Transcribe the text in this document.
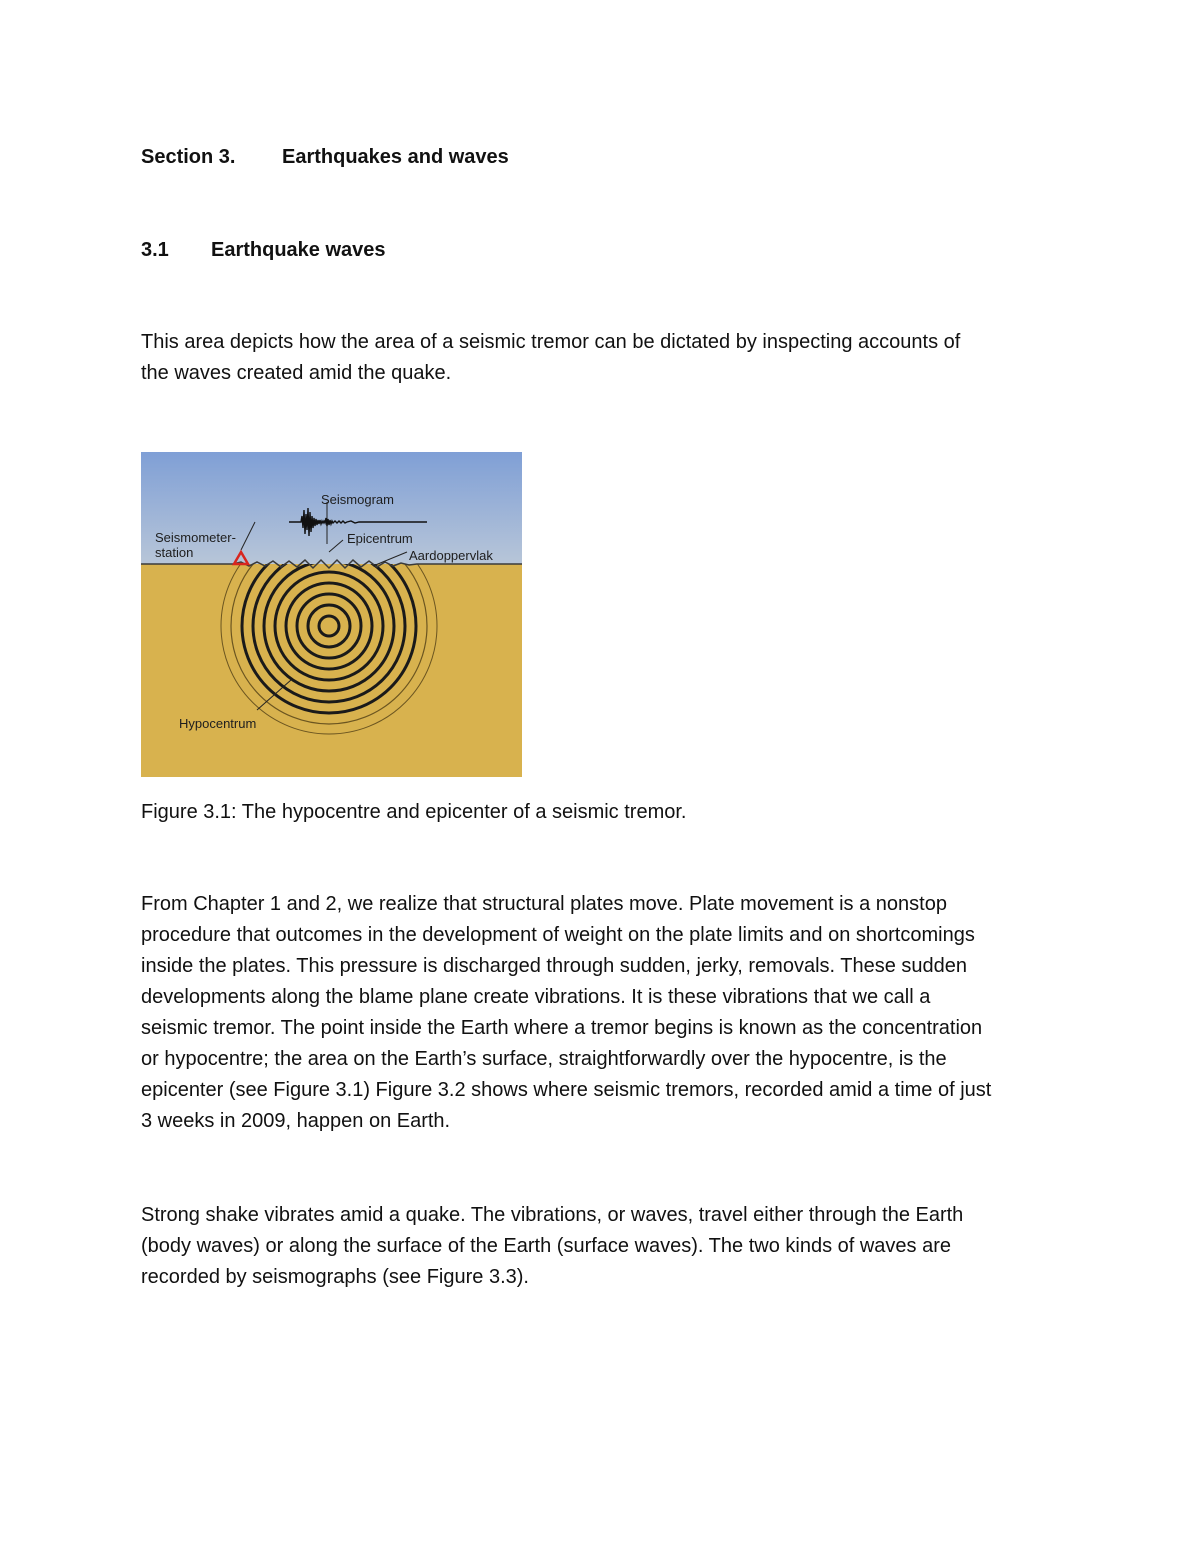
Section 3. Earthquakes and waves
3.1 Earthquake waves
This area depicts how the area of a seismic tremor can be dictated by inspecting accounts of
the waves created amid the quake.
Seismogram
Seismometer-
station
Epicentrum
Aardoppervlak
Hypocentrum
Figure 3.1: The hypocentre and epicenter of a seismic tremor.
From Chapter 1 and 2, we realize that structural plates move. Plate movement is a nonstop
procedure that outcomes in the development of weight on the plate limits and on shortcomings
inside the plates. This pressure is discharged through sudden, jerky, removals. These sudden
developments along the blame plane create vibrations. It is these vibrations that we call a
seismic tremor. The point inside the Earth where a tremor begins is known as the concentration
or hypocentre; the area on the Earth’s surface, straightforwardly over the hypocentre, is the
epicenter (see Figure 3.1) Figure 3.2 shows where seismic tremors, recorded amid a time of just
3 weeks in 2009, happen on Earth.
Strong shake vibrates amid a quake. The vibrations, or waves, travel either through the Earth
(body waves) or along the surface of the Earth (surface waves). The two kinds of waves are
recorded by seismographs (see Figure 3.3).
